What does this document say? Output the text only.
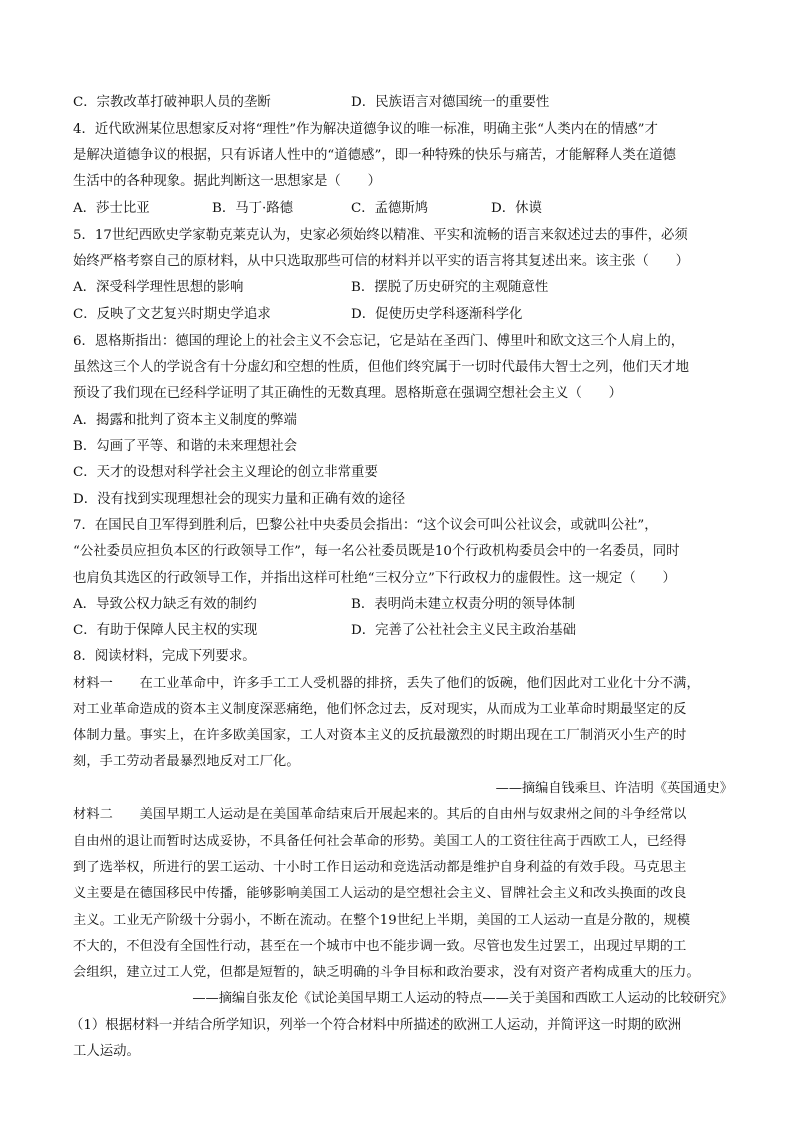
C．宗教改革打破神职人员的垄断	D．民族语言对德国统一的重要性
4．近代欧洲某位思想家反对将“理性”作为解决道德争议的唯一标准，明确主张“人类内在的情感”才
是解决道德争议的根据，只有诉诸人性中的“道德感”，即一种特殊的快乐与痛苦，才能解释人类在道德
生活中的各种现象。据此判断这一思想家是（　　）
A．莎士比亚	B．马丁·路德	C．孟德斯鸠	D．休谟
5．17世纪西欧史学家勒克莱克认为，史家必须始终以精准、平实和流畅的语言来叙述过去的事件，必须
始终严格考察自己的原材料，从中只选取那些可信的材料并以平实的语言将其复述出来。该主张（　　）
A．深受科学理性思想的影响	B．摆脱了历史研究的主观随意性
C．反映了文艺复兴时期史学追求	D．促使历史学科逐渐科学化
6．恩格斯指出：德国的理论上的社会主义不会忘记，它是站在圣西门、傅里叶和欧文这三个人肩上的，
虽然这三个人的学说含有十分虚幻和空想的性质，但他们终究属于一切时代最伟大智士之列，他们天才地
预设了我们现在已经科学证明了其正确性的无数真理。恩格斯意在强调空想社会主义（　　）
A．揭露和批判了资本主义制度的弊端
B．勾画了平等、和谐的未来理想社会
C．天才的设想对科学社会主义理论的创立非常重要
D．没有找到实现理想社会的现实力量和正确有效的途径
7．在国民自卫军得到胜利后，巴黎公社中央委员会指出：“这个议会可叫公社议会，或就叫公社”，
“公社委员应担负本区的行政领导工作”，每一名公社委员既是10个行政机构委员会中的一名委员，同时
也肩负其选区的行政领导工作，并指出这样可杜绝“三权分立”下行政权力的虚假性。这一规定（　　）
A．导致公权力缺乏有效的制约	B．表明尚未建立权责分明的领导体制
C．有助于保障人民主权的实现	D．完善了公社社会主义民主政治基础
8．阅读材料，完成下列要求。
材料一　　在工业革命中，许多手工工人受机器的排挤，丢失了他们的饭碗，他们因此对工业化十分不满，
对工业革命造成的资本主义制度深恶痛绝，他们怀念过去，反对现实，从而成为工业革命时期最坚定的反
体制力量。事实上，在许多欧美国家，工人对资本主义的反抗最激烈的时期出现在工厂制消灭小生产的时
刻，手工劳动者最暴烈地反对工厂化。
——摘编自钱乘旦、许洁明《英国通史》
材料二　　美国早期工人运动是在美国革命结束后开展起来的。其后的自由州与奴隶州之间的斗争经常以
自由州的退让而暂时达成妥协，不具备任何社会革命的形势。美国工人的工资往往高于西欧工人，已经得
到了选举权，所进行的罢工运动、十小时工作日运动和竞选活动都是维护自身利益的有效手段。马克思主
义主要是在德国移民中传播，能够影响美国工人运动的是空想社会主义、冒牌社会主义和改头换面的改良
主义。工业无产阶级十分弱小，不断在流动。在整个19世纪上半期，美国的工人运动一直是分散的，规模
不大的，不但没有全国性行动，甚至在一个城市中也不能步调一致。尽管也发生过罢工，出现过早期的工
会组织，建立过工人党，但都是短暂的，缺乏明确的斗争目标和政治要求，没有对资产者构成重大的压力。
——摘编自张友伦《试论美国早期工人运动的特点——关于美国和西欧工人运动的比较研究》
（1）根据材料一并结合所学知识，列举一个符合材料中所描述的欧洲工人运动，并简评这一时期的欧洲
工人运动。
